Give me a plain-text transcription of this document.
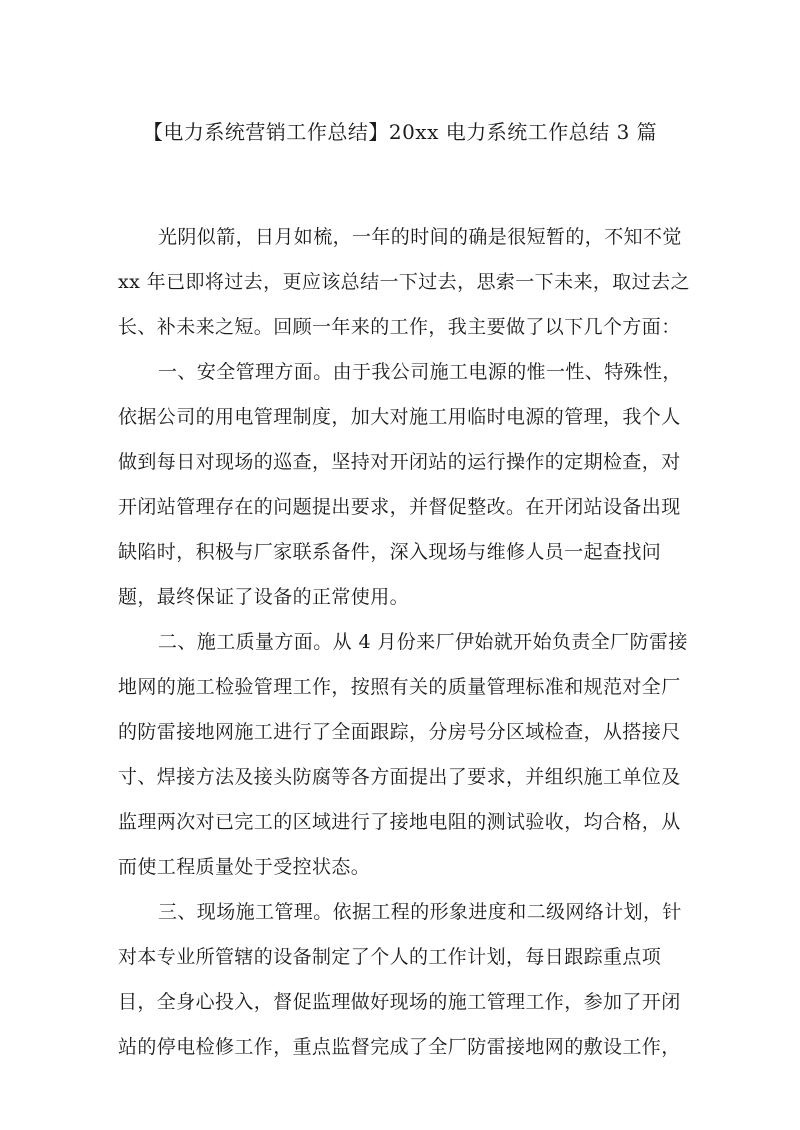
【电力系统营销工作总结】20xx 电力系统工作总结 3 篇
光阴似箭，日月如梳，一年的时间的确是很短暂的，不知不觉
xx 年已即将过去，更应该总结一下过去，思索一下未来，取过去之
长、补未来之短。回顾一年来的工作，我主要做了以下几个方面：
一、安全管理方面。由于我公司施工电源的惟一性、特殊性，
依据公司的用电管理制度，加大对施工用临时电源的管理，我个人
做到每日对现场的巡查，坚持对开闭站的运行操作的定期检查，对
开闭站管理存在的问题提出要求，并督促整改。在开闭站设备出现
缺陷时，积极与厂家联系备件，深入现场与维修人员一起查找问
题，最终保证了设备的正常使用。
二、施工质量方面。从 4 月份来厂伊始就开始负责全厂防雷接
地网的施工检验管理工作，按照有关的质量管理标准和规范对全厂
的防雷接地网施工进行了全面跟踪，分房号分区域检查，从搭接尺
寸、焊接方法及接头防腐等各方面提出了要求，并组织施工单位及
监理两次对已完工的区域进行了接地电阻的测试验收，均合格，从
而使工程质量处于受控状态。
三、现场施工管理。依据工程的形象进度和二级网络计划，针
对本专业所管辖的设备制定了个人的工作计划，每日跟踪重点项
目，全身心投入，督促监理做好现场的施工管理工作，参加了开闭
站的停电检修工作，重点监督完成了全厂防雷接地网的敷设工作，
